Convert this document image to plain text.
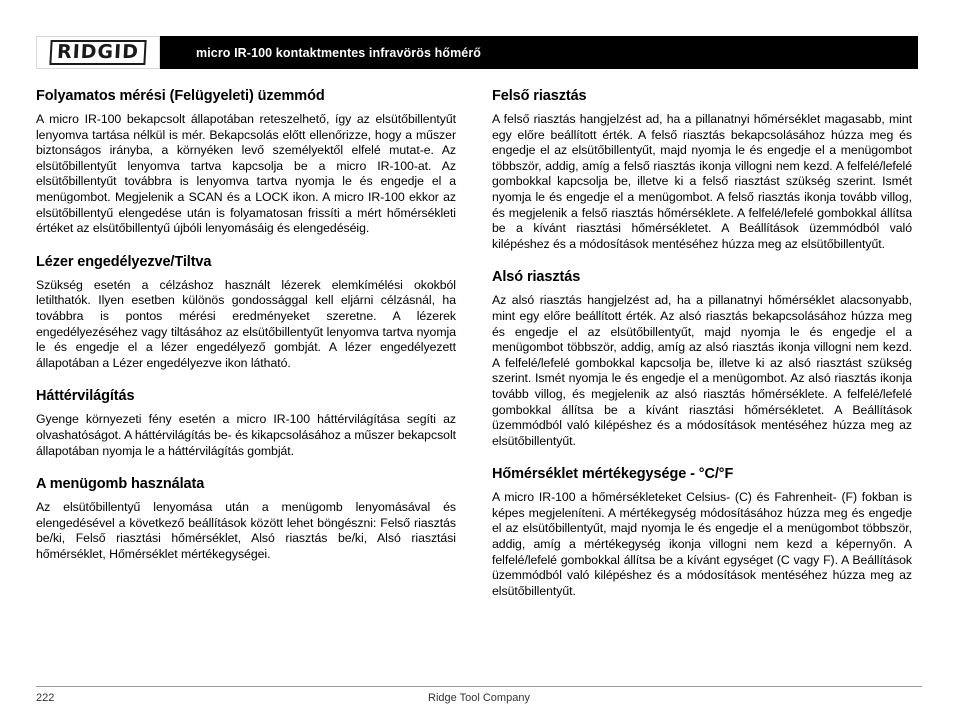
RIDGID	micro IR-100 kontaktmentes infravörös hőmérő
Folyamatos mérési (Felügyeleti) üzemmód

A micro IR-100 bekapcsolt állapotában reteszelhető, így az elsütőbillentyűt lenyomva tartása nélkül is mér. Bekapcsolás előtt ellenőrizze, hogy a műszer biztonságos irányba, a környéken levő személyektől elfelé mutat-e. Az elsütőbillentyűt lenyomva tartva kapcsolja be a micro IR-100-at. Az elsütőbillentyűt továbbra is lenyomva tartva nyomja le és engedje el a menügombot. Megjelenik a SCAN és a LOCK ikon. A micro IR-100 ekkor az elsütőbillentyű elengedése után is folyamatosan frissíti a mért hőmérsékleti értéket az elsütőbillentyű újbóli lenyomásáig és elengedéséig.

Lézer engedélyezve/Tiltva

Szükség esetén a célzáshoz használt lézerek elemkímélési okokból letilthatók. Ilyen esetben különös gondossággal kell eljárni célzásnál, ha továbbra is pontos mérési eredményeket szeretne. A lézerek engedélyezéséhez vagy tiltásához az elsütőbillentyűt lenyomva tartva nyomja le és engedje el a lézer engedélyező gombját. A lézer engedélyezett állapotában a Lézer engedélyezve ikon látható.

Háttérvilágítás

Gyenge környezeti fény esetén a micro IR-100 háttérvilágítása segíti az olvashatóságot. A háttérvilágítás be- és kikapcsolásához a műszer bekapcsolt állapotában nyomja le a háttérvilágítás gombját.

A menügomb használata

Az elsütőbillentyű lenyomása után a menügomb lenyomásával és elengedésével a következő beállítások között lehet böngészni: Felső riasztás be/ki, Felső riasztási hőmérséklet, Alsó riasztás be/ki, Alsó riasztási hőmérséklet, Hőmérséklet mértékegységei.

Felső riasztás

A felső riasztás hangjelzést ad, ha a pillanatnyi hőmérséklet magasabb, mint egy előre beállított érték. A felső riasztás bekapcsolásához húzza meg és engedje el az elsütőbillentyűt, majd nyomja le és engedje el a menügombot többször, addig, amíg a felső riasztás ikonja villogni nem kezd. A felfelé/lefelé gombokkal kapcsolja be, illetve ki a felső riasztást szükség szerint. Ismét nyomja le és engedje el a menügombot. A felső riasztás ikonja tovább villog, és megjelenik a felső riasztás hőmérséklete. A felfelé/lefelé gombokkal állítsa be a kívánt riasztási hőmérsékletet. A Beállítások üzemmódból való kilépéshez és a módosítások mentéséhez húzza meg az elsütőbillentyűt.

Alsó riasztás

Az alsó riasztás hangjelzést ad, ha a pillanatnyi hőmérséklet alacsonyabb, mint egy előre beállított érték. Az alsó riasztás bekapcsolásához húzza meg és engedje el az elsütőbillentyűt, majd nyomja le és engedje el a menügombot többször, addig, amíg az alsó riasztás ikonja villogni nem kezd. A felfelé/lefelé gombokkal kapcsolja be, illetve ki az alsó riasztást szükség szerint. Ismét nyomja le és engedje el a menügombot. Az alsó riasztás ikonja tovább villog, és megjelenik az alsó riasztás hőmérséklete. A felfelé/lefelé gombokkal állítsa be a kívánt riasztási hőmérsékletet. A Beállítások üzemmódból való kilépéshez és a módosítások mentéséhez húzza meg az elsütőbillentyűt.

Hőmérséklet mértékegysége - °C/°F

A micro IR-100 a hőmérsékleteket Celsius- (C) és Fahrenheit- (F) fokban is képes megjeleníteni. A mértékegység módosításához húzza meg és engedje el az elsütőbillentyűt, majd nyomja le és engedje el a menügombot többször, addig, amíg a mértékegység ikonja villogni nem kezd a képernyőn. A felfelé/lefelé gombokkal állítsa be a kívánt egységet (C vagy F). A Beállítások üzemmódból való kilépéshez és a módosítások mentéséhez húzza meg az elsütőbillentyűt.

222	Ridge Tool Company
